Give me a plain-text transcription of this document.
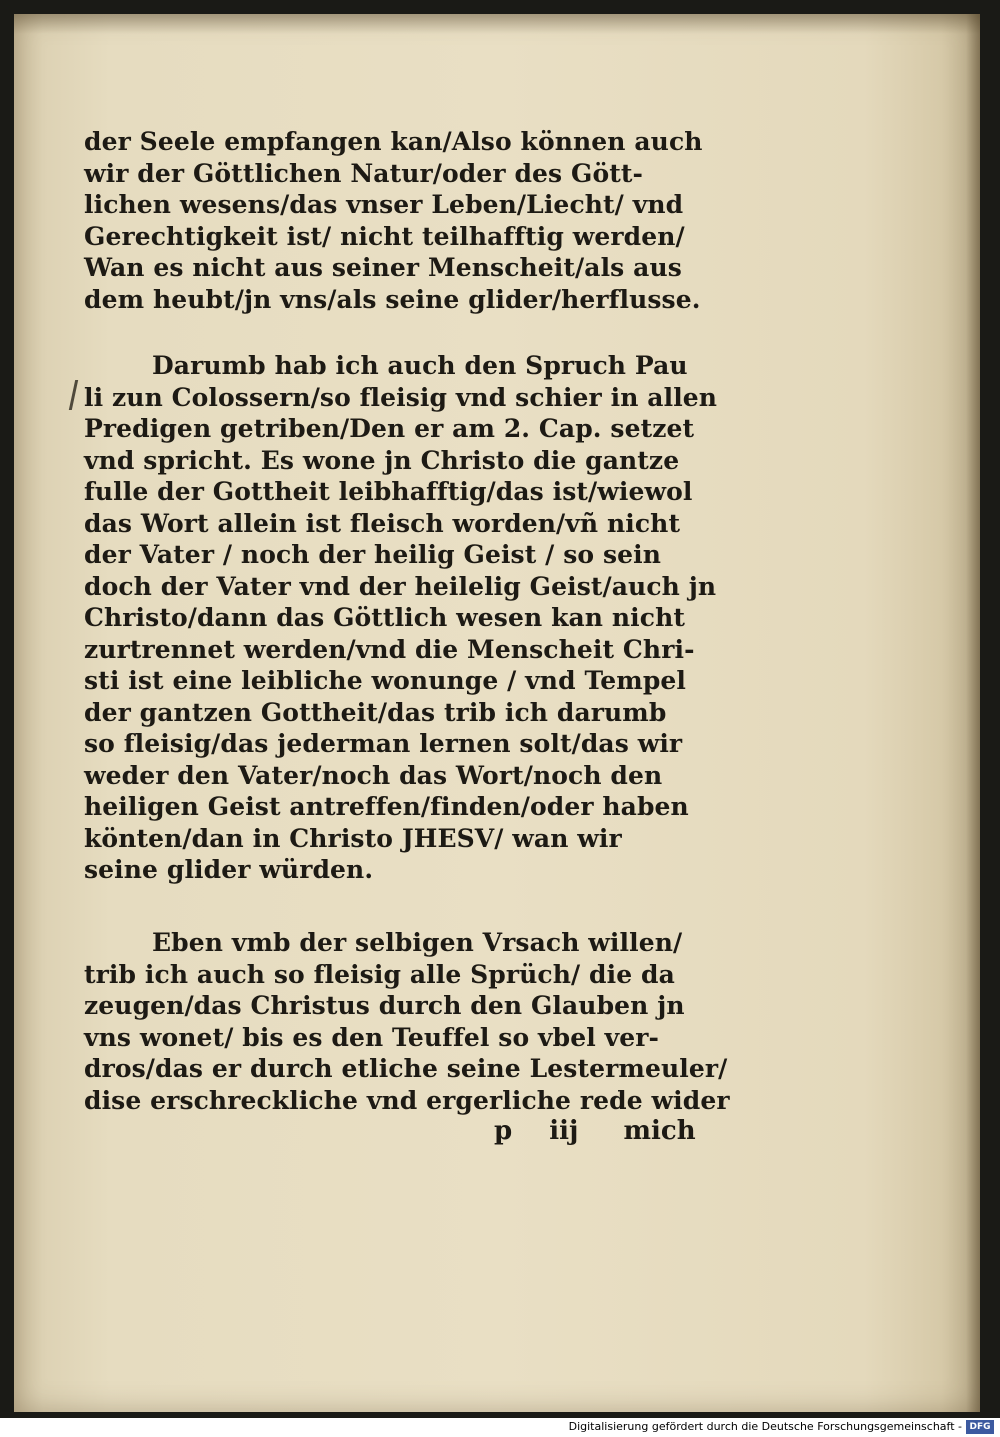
der Seele empfangen kan/Also können auch
wir der Göttlichen Natur/oder des Gött-
lichen wesens/das vnser Leben/Liecht/ vnd
Gerechtigkeit ist/ nicht teilhafftig werden/
Wan es nicht aus seiner Menscheit/als aus
dem heubt/jn vns/als seine glider/herflusse.
Darumb hab ich auch den Spruch Pau
li zun Colossern/so fleisig vnd schier in allen
Predigen getriben/Den er am 2. Cap. setzet
vnd spricht. Es wone jn Christo die gantze
fulle der Gottheit leibhafftig/das ist/wiewol
das Wort allein ist fleisch worden/vñ nicht
der Vater / noch der heilig Geist / so sein
doch der Vater vnd der heilelig Geist/auch jn
Christo/dann das Göttlich wesen kan nicht
zurtrennet werden/vnd die Menscheit Chri-
sti ist eine leibliche wonunge / vnd Tempel
der gantzen Gottheit/das trib ich darumb
so fleisig/das jederman lernen solt/das wir
weder den Vater/noch das Wort/noch den
heiligen Geist antreffen/finden/oder haben
könten/dan in Christo JHESV/ wan wir
seine glider würden.
Eben vmb der selbigen Vrsach willen/
trib ich auch so fleisig alle Sprüch/ die da
zeugen/das Christus durch den Glauben jn
vns wonet/ bis es den Teuffel so vbel ver-
dros/das er durch etliche seine Lestermeuler/
dise erschreckliche vnd ergerliche rede wider
p iij mich
Digitalisierung gefördert durch die Deutsche Forschungsgemeinschaft - DFG
